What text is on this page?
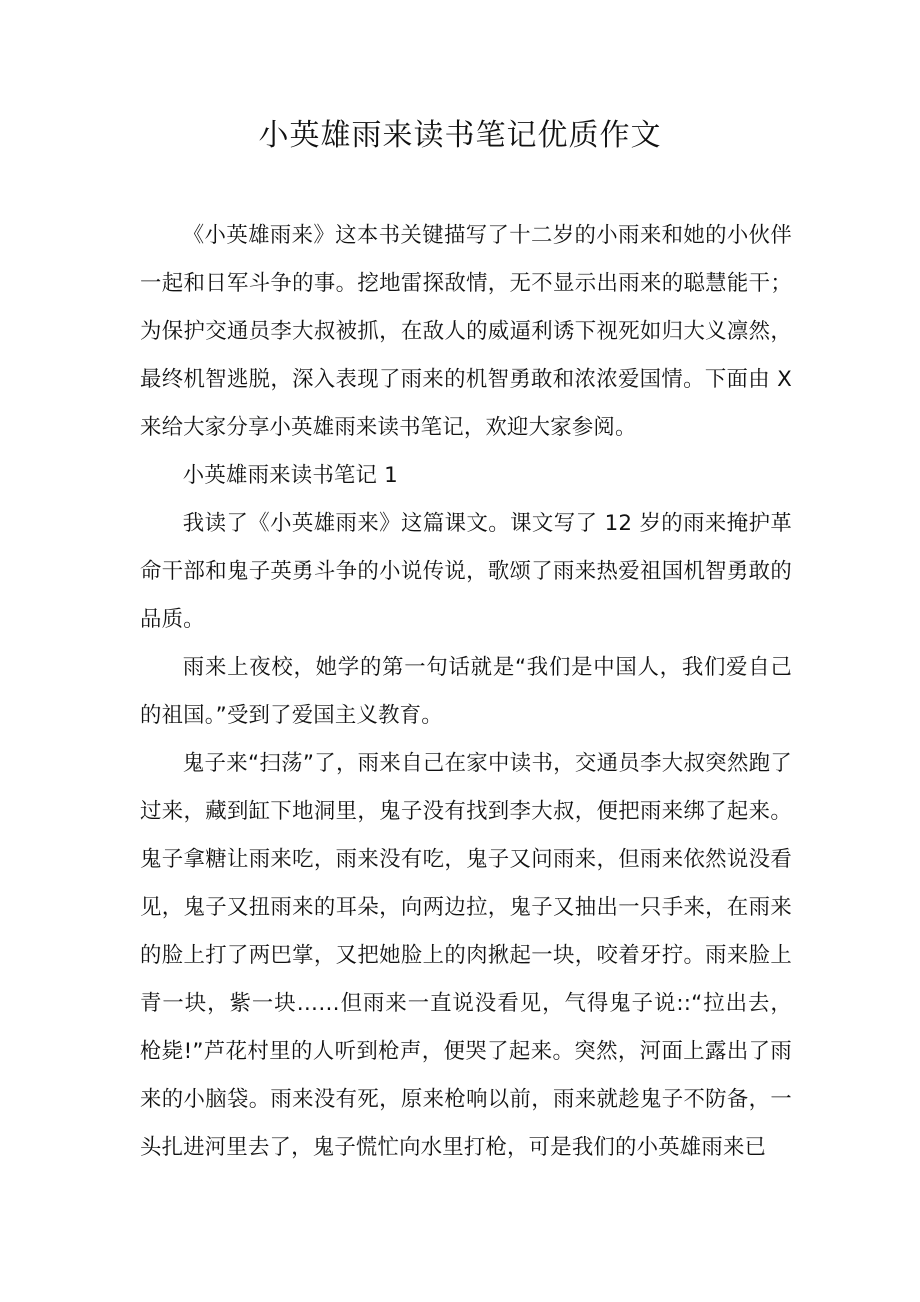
小英雄雨来读书笔记优质作文

《小英雄雨来》这本书关键描写了十二岁的小雨来和她的小伙伴一起和日军斗争的事。挖地雷探敌情，无不显示出雨来的聪慧能干；为保护交通员李大叔被抓，在敌人的威逼利诱下视死如归大义凛然，最终机智逃脱，深入表现了雨来的机智勇敢和浓浓爱国情。下面由 X 来给大家分享小英雄雨来读书笔记，欢迎大家参阅。

小英雄雨来读书笔记 1

我读了《小英雄雨来》这篇课文。课文写了 12 岁的雨来掩护革命干部和鬼子英勇斗争的小说传说，歌颂了雨来热爱祖国机智勇敢的品质。

雨来上夜校，她学的第一句话就是“我们是中国人，我们爱自己的祖国。”受到了爱国主义教育。

鬼子来“扫荡”了，雨来自己在家中读书，交通员李大叔突然跑了过来，藏到缸下地洞里，鬼子没有找到李大叔，便把雨来绑了起来。鬼子拿糖让雨来吃，雨来没有吃，鬼子又问雨来，但雨来依然说没看见，鬼子又扭雨来的耳朵，向两边拉，鬼子又抽出一只手来，在雨来的脸上打了两巴掌，又把她脸上的肉揪起一块，咬着牙拧。雨来脸上青一块，紫一块……但雨来一直说没看见，气得鬼子说::“拉出去，枪毙!”芦花村里的人听到枪声，便哭了起来。突然，河面上露出了雨来的小脑袋。雨来没有死，原来枪响以前，雨来就趁鬼子不防备，一头扎进河里去了，鬼子慌忙向水里打枪，可是我们的小英雄雨来已
